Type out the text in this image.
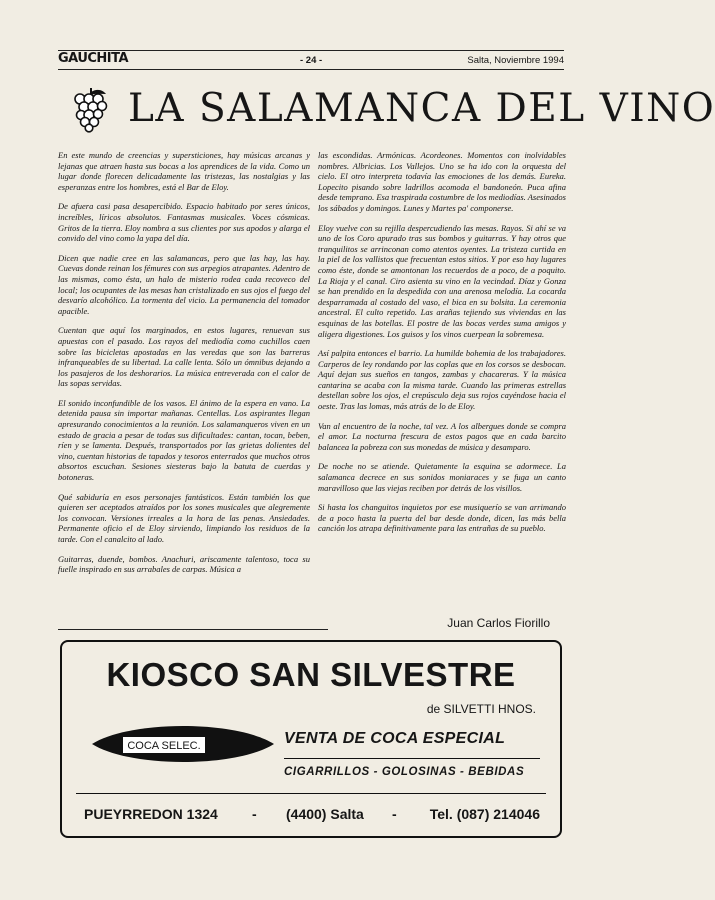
GAUCHITA	- 24 -	Salta, Noviembre 1994
LA SALAMANCA DEL VINO

En este mundo de creencias y supersticiones, hay músicas arcanas y lejanas que atraen hasta sus bocas a los aprendices de la vida. Como un lugar donde florecen delicadamente las tristezas, las nostalgias y las esperanzas entre los hombres, está el Bar de Eloy.

De afuera casi pasa desapercibido. Espacio habitado por seres únicos, increíbles, líricos absolutos. Fantasmas musicales. Voces cósmicas. Gritos de la tierra. Eloy nombra a sus clientes por sus apodos y alarga el convido del vino como la yapa del día.

Dicen que nadie cree en las salamancas, pero que las hay, las hay. Cuevas donde reinan los fémures con sus arpegios atrapantes. Adentro de las mismas, como ésta, un halo de misterio rodea cada recoveco del local; los ocupantes de las mesas han cristalizado en sus ojos el fuego del desvarío alcohólico. La tormenta del vicio. La permanencia del tomador apacible.

Cuentan que aquí los marginados, en estos lugares, renuevan sus apuestas con el pasado. Los rayos del mediodía como cuchillos caen sobre las bicicletas apostadas en las veredas que son las barreras infranqueables de su libertad. La calle lenta. Sólo un ómnibus dejando a los pasajeros de los deshorarios. La música entreverada con el calor de las sopas servidas.

El sonido inconfundible de los vasos. El ánimo de la espera en vano. La detenida pausa sin importar mañanas. Centellas. Los aspirantes llegan apresurando conocimientos a la reunión. Los salamanqueros viven en un estado de gracia a pesar de todas sus dificultades: cantan, tocan, beben, ríen y se lamenta. Después, transportados por las grietas dolientes del vino, cuentan historias de tapados y tesoros enterrados que muchos otros absortos escuchan. Sesiones siesteras bajo la batuta de cuerdas y botoneras.

Qué sabiduría en esos personajes fantásticos. Están también los que quieren ser aceptados atraídos por los sones musicales que alegremente los convocan. Versiones irreales a la hora de las penas. Ansiedades. Permanente oficio el de Eloy sirviendo, limpiando los residuos de la tarde. Con el canalcito al lado.

Guitarras, duende, bombos. Anachuri, ariscamente talentoso, toca su fuelle inspirado en sus arrabales de carpas. Música a

las escondidas. Armónicas. Acordeones. Momentos con inolvidables nombres. Albricias. Los Vallejos. Uno se ha ido con la orquesta del cielo. El otro interpreta todavía las emociones de los demás. Eureka. Lopecito pisando sobre ladrillos acomoda el bandoneón. Puca afina desde temprano. Esa traspirada costumbre de los mediodías. Asesinados los sábados y domingos. Lunes y Martes pa' componerse.

Eloy vuelve con su rejilla despercudiendo las mesas. Rayos. Si ahí se va uno de los Coro apurado tras sus bombos y guitarras. Y hay otros que tranquilitos se arrinconan como atentos oyentes. La tristeza curtida en la piel de los vallistos que frecuentan estos sitios. Y por eso hay lugares como éste, donde se amontonan los recuerdos de a poco, de a poquito. La Rioja y el canal. Ciro asienta su vino en la vecindad. Díaz y Gonza se han prendido en la despedida con una arenosa melodía. La cocarda desparramada al costado del vaso, el bica en su bolsita. La ceremonia ancestral. El culto repetido. Las arañas tejiendo sus viviendas en las esquinas de las botellas. El postre de las bocas verdes suma amigos y aligera digestiones. Los guisos y los vinos cuerpean la sobremesa.

Así palpita entonces el barrio. La humilde bohemia de los trabajadores. Carperos de ley rondando por las coplas que en los corsos se desbocan. Aquí dejan sus sueños en tangos, zambas y chacareras. Y la música cantarina se acaba con la misma tarde. Cuando las primeras estrellas destellan sobre los ojos, el crepúsculo deja sus rojos cayéndose hacia el oeste. Tras las lomas, más atrás de lo de Eloy.

Van al encuentro de la noche, tal vez. A los albergues donde se compra el amor. La nocturna frescura de estos pagos que en cada barcito balancea la pobreza con sus monedas de música y desamparo.

De noche no se atiende. Quietamente la esquina se adormece. La salamanca decrece en sus sonidos moniaraces y se fuga un canto maravilloso que las viejas reciben por detrás de los visillos.

Si hasta los changuitos inquietos por ese musiquerío se van arrimando de a poco hasta la puerta del bar desde donde, dicen, las más bella canción los atrapa definitivamente para las entrañas de su pueblo.

Juan Carlos Fiorillo
KIOSCO SAN SILVESTRE
de SILVETTI HNOS.
COCA SELEC.	VENTA DE COCA ESPECIAL
CIGARRILLOS - GOLOSINAS - BEBIDAS
PUEYRREDON 1324 - (4400) Salta - Tel. (087) 214046
